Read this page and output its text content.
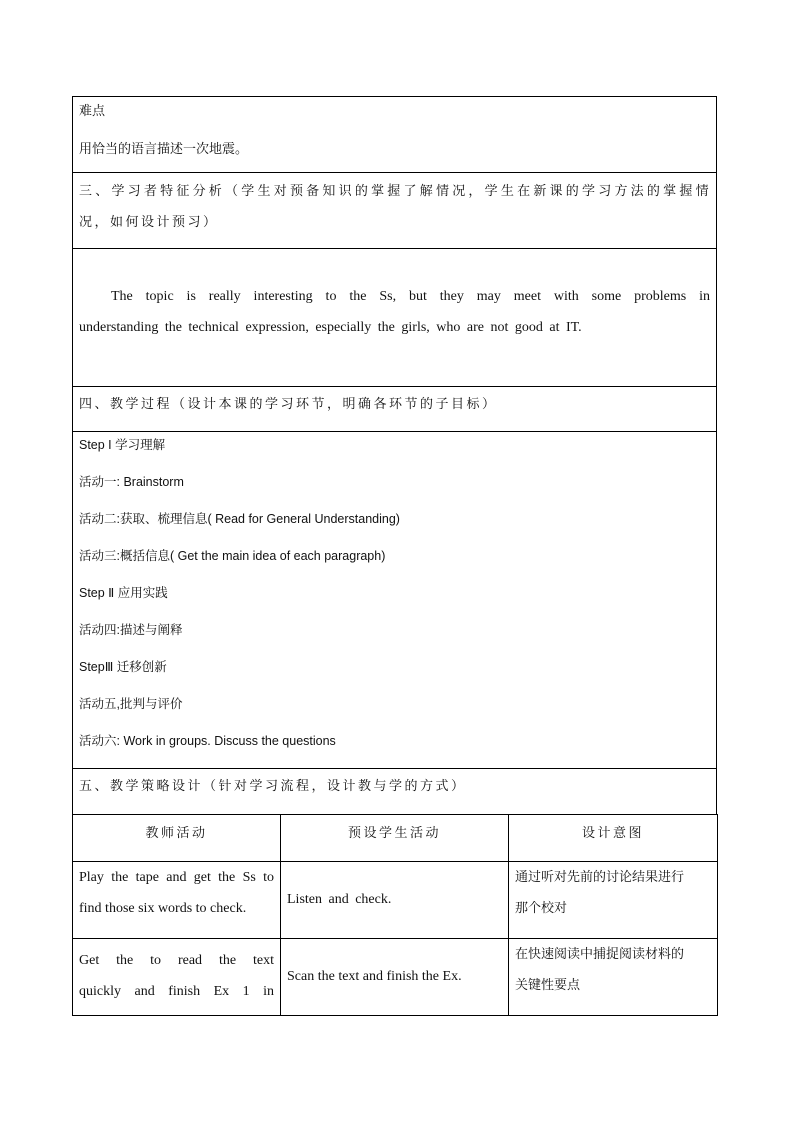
难点
用恰当的语言描述一次地震。

三、学习者特征分析（学生对预备知识的掌握了解情况，学生在新课的学习方法的掌握情
况，如何设计预习）

The topic is really interesting to the Ss, but they may meet with some problems in
understanding the technical expression, especially the girls, who are not good at IT.

四、教学过程（设计本课的学习环节，明确各环节的子目标）

Step I 学习理解
活动一: Brainstorm
活动二:获取、梳理信息( Read for General Understanding)
活动三:概括信息( Get the main idea of each paragraph)
Step Ⅱ 应用实践
活动四:描述与阐释
StepⅢ 迁移创新
活动五,批判与评价
活动六: Work in groups. Discuss the questions

五、教学策略设计（针对学习流程，设计教与学的方式）
教师活动	预设学生活动	设计意图

Play the tape and get the Ss to
find those six words to check.	Listen and check.	通过听对先前的讨论结果进行
那个校对

Get the to read the text
quickly and finish Ex 1 in	Scan the text and finish the Ex.	在快速阅读中捕捉阅读材料的
关键性要点
